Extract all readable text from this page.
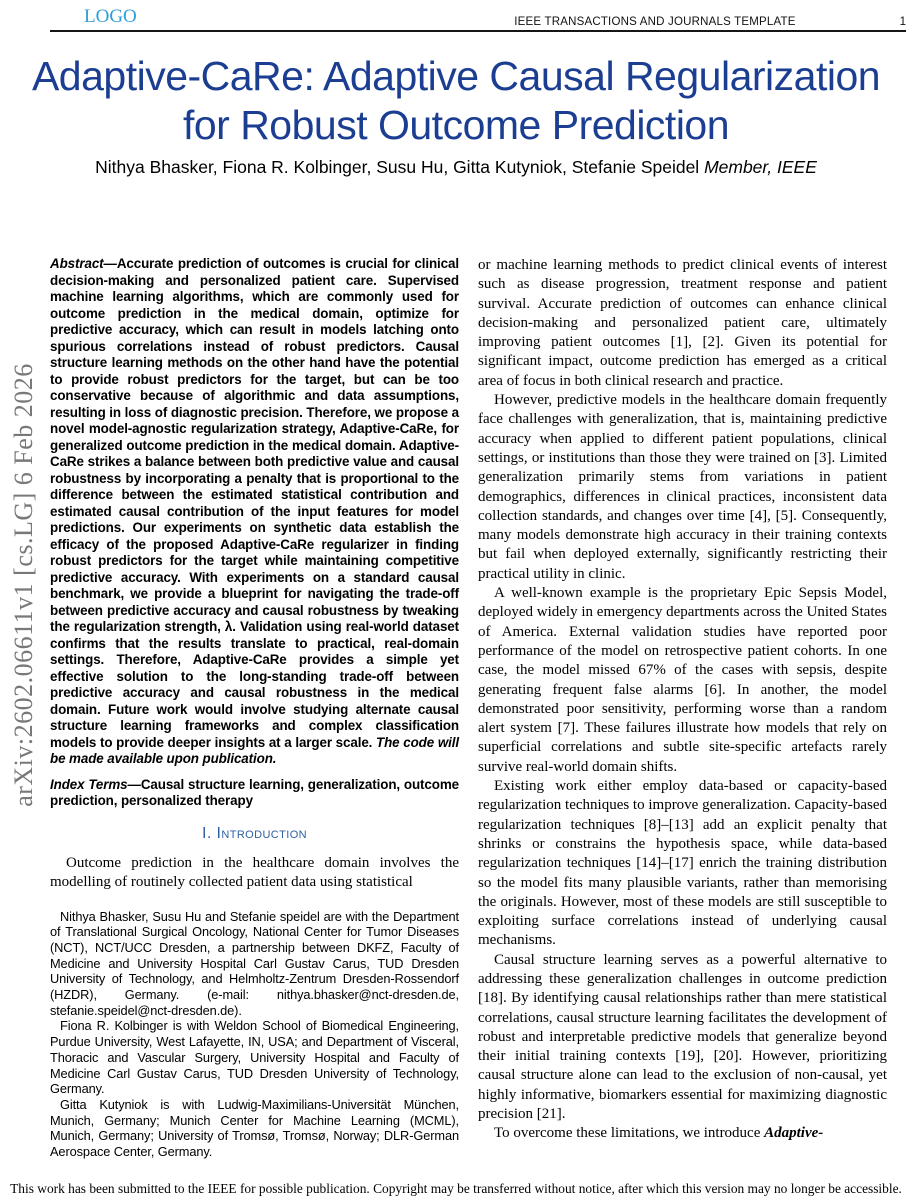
arXiv:2602.06611v1 [cs.LG] 6 Feb 2026
LOGO	IEEE TRANSACTIONS AND JOURNALS TEMPLATE	1
Adaptive-CaRe: Adaptive Causal Regularization
for Robust Outcome Prediction
Nithya Bhasker, Fiona R. Kolbinger, Susu Hu, Gitta Kutyniok, Stefanie Speidel Member, IEEE

Abstract—Accurate prediction of outcomes is crucial for clinical decision-making and personalized patient care. Supervised machine learning algorithms, which are commonly used for outcome prediction in the medical domain, optimize for predictive accuracy, which can result in models latching onto spurious correlations instead of robust predictors. Causal structure learning methods on the other hand have the potential to provide robust predictors for the target, but can be too conservative because of algorithmic and data assumptions, resulting in loss of diagnostic precision. Therefore, we propose a novel model-agnostic regularization strategy, Adaptive-CaRe, for generalized outcome prediction in the medical domain. Adaptive-CaRe strikes a balance between both predictive value and causal robustness by incorporating a penalty that is proportional to the difference between the estimated statistical contribution and estimated causal contribution of the input features for model predictions. Our experiments on synthetic data establish the efficacy of the proposed Adaptive-CaRe regularizer in finding robust predictors for the target while maintaining competitive predictive accuracy. With experiments on a standard causal benchmark, we provide a blueprint for navigating the trade-off between predictive accuracy and causal robustness by tweaking the regularization strength, λ. Validation using real-world dataset confirms that the results translate to practical, real-domain settings. Therefore, Adaptive-CaRe provides a simple yet effective solution to the long-standing trade-off between predictive accuracy and causal robustness in the medical domain. Future work would involve studying alternate causal structure learning frameworks and complex classification models to provide deeper insights at a larger scale. The code will be made available upon publication.

Index Terms—Causal structure learning, generalization, outcome prediction, personalized therapy

I. Introduction

Outcome prediction in the healthcare domain involves the modelling of routinely collected patient data using statistical

Nithya Bhasker, Susu Hu and Stefanie speidel are with the Department of Translational Surgical Oncology, National Center for Tumor Diseases (NCT), NCT/UCC Dresden, a partnership between DKFZ, Faculty of Medicine and University Hospital Carl Gustav Carus, TUD Dresden University of Technology, and Helmholtz-Zentrum Dresden-Rossendorf (HZDR), Germany. (e-mail: nithya.bhasker@nct-dresden.de, stefanie.speidel@nct-dresden.de).

Fiona R. Kolbinger is with Weldon School of Biomedical Engineering, Purdue University, West Lafayette, IN, USA; and Department of Visceral, Thoracic and Vascular Surgery, University Hospital and Faculty of Medicine Carl Gustav Carus, TUD Dresden University of Technology, Germany.

Gitta Kutyniok is with Ludwig-Maximilians-Universität München, Munich, Germany; Munich Center for Machine Learning (MCML), Munich, Germany; University of Tromsø, Tromsø, Norway; DLR-German Aerospace Center, Germany.

or machine learning methods to predict clinical events of interest such as disease progression, treatment response and patient survival. Accurate prediction of outcomes can enhance clinical decision-making and personalized patient care, ultimately improving patient outcomes [1], [2]. Given its potential for significant impact, outcome prediction has emerged as a critical area of focus in both clinical research and practice.

However, predictive models in the healthcare domain frequently face challenges with generalization, that is, maintaining predictive accuracy when applied to different patient populations, clinical settings, or institutions than those they were trained on [3]. Limited generalization primarily stems from variations in patient demographics, differences in clinical practices, inconsistent data collection standards, and changes over time [4], [5]. Consequently, many models demonstrate high accuracy in their training contexts but fail when deployed externally, significantly restricting their practical utility in clinic.

A well-known example is the proprietary Epic Sepsis Model, deployed widely in emergency departments across the United States of America. External validation studies have reported poor performance of the model on retrospective patient cohorts. In one case, the model missed 67% of the cases with sepsis, despite generating frequent false alarms [6]. In another, the model demonstrated poor sensitivity, performing worse than a random alert system [7]. These failures illustrate how models that rely on superficial correlations and subtle site-specific artefacts rarely survive real-world domain shifts.

Existing work either employ data-based or capacity-based regularization techniques to improve generalization. Capacity-based regularization techniques [8]–[13] add an explicit penalty that shrinks or constrains the hypothesis space, while data-based regularization techniques [14]–[17] enrich the training distribution so the model fits many plausible variants, rather than memorising the originals. However, most of these models are still susceptible to exploiting surface correlations instead of underlying causal mechanisms.

Causal structure learning serves as a powerful alternative to addressing these generalization challenges in outcome prediction [18]. By identifying causal relationships rather than mere statistical correlations, causal structure learning facilitates the development of robust and interpretable predictive models that generalize beyond their initial training contexts [19], [20]. However, prioritizing causal structure alone can lead to the exclusion of non-causal, yet highly informative, biomarkers essential for maximizing diagnostic precision [21].

To overcome these limitations, we introduce Adaptive-

This work has been submitted to the IEEE for possible publication. Copyright may be transferred without notice, after which this version may no longer be accessible.
